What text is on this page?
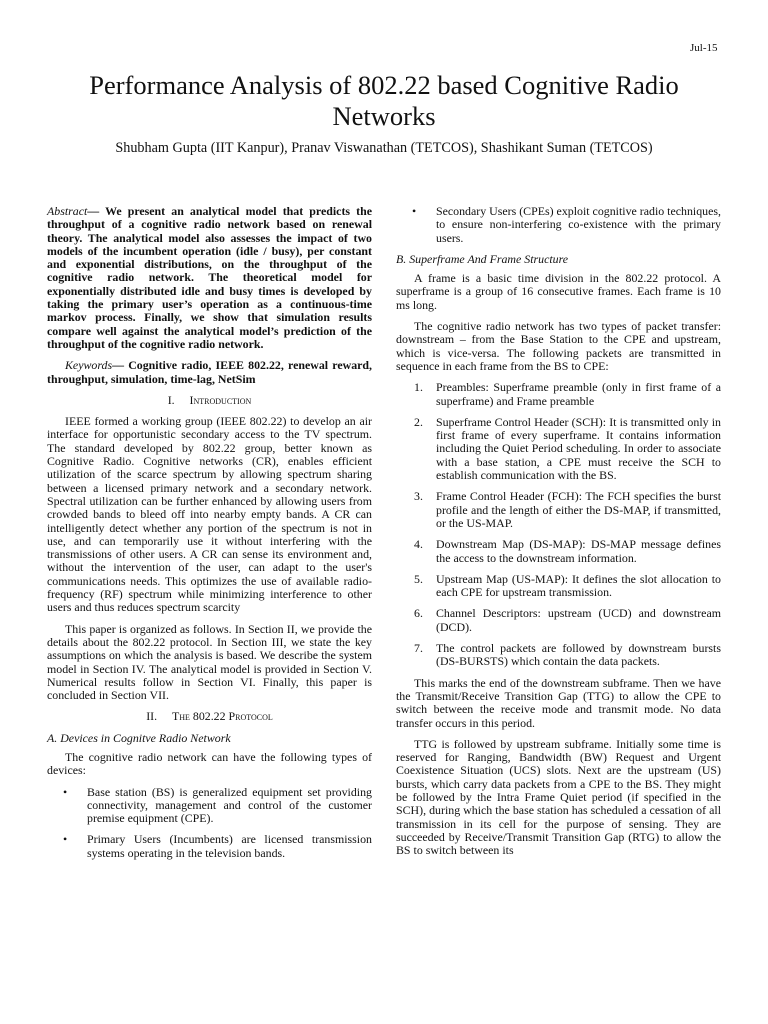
Jul-15
Performance Analysis of 802.22 based Cognitive Radio Networks
Shubham Gupta (IIT Kanpur), Pranav Viswanathan (TETCOS), Shashikant Suman (TETCOS)

Abstract— We present an analytical model that predicts the throughput of a cognitive radio network based on renewal theory. The analytical model also assesses the impact of two models of the incumbent operation (idle / busy), per constant and exponential distributions, on the throughput of the cognitive radio network. The theoretical model for exponentially distributed idle and busy times is developed by taking the primary user’s operation as a continuous-time markov process. Finally, we show that simulation results compare well against the analytical model’s prediction of the throughput of the cognitive radio network.

Keywords— Cognitive radio, IEEE 802.22, renewal reward, throughput, simulation, time-lag, NetSim

I. Introduction

IEEE formed a working group (IEEE 802.22) to develop an air interface for opportunistic secondary access to the TV spectrum. The standard developed by 802.22 group, better known as Cognitive Radio. Cognitive networks (CR), enables efficient utilization of the scarce spectrum by allowing spectrum sharing between a licensed primary network and a secondary network. Spectral utilization can be further enhanced by allowing users from crowded bands to bleed off into nearby empty bands. A CR can intelligently detect whether any portion of the spectrum is not in use, and can temporarily use it without interfering with the transmissions of other users. A CR can sense its environment and, without the intervention of the user, can adapt to the user's communications needs. This optimizes the use of available radio-frequency (RF) spectrum while minimizing interference to other users and thus reduces spectrum scarcity

This paper is organized as follows. In Section II, we provide the details about the 802.22 protocol. In Section III, we state the key assumptions on which the analysis is based. We describe the system model in Section IV. The analytical model is provided in Section V. Numerical results follow in Section VI. Finally, this paper is concluded in Section VII.

II. The 802.22 Protocol
A. Devices in Cognitve Radio Network

The cognitive radio network can have the following types of devices:

• Base station (BS) is generalized equipment set providing connectivity, management and control of the customer premise equipment (CPE).
• Primary Users (Incumbents) are licensed transmission systems operating in the television bands.
• Secondary Users (CPEs) exploit cognitive radio techniques, to ensure non-interfering co-existence with the primary users.
B. Superframe And Frame Structure

A frame is a basic time division in the 802.22 protocol. A superframe is a group of 16 consecutive frames. Each frame is 10 ms long.

The cognitive radio network has two types of packet transfer: downstream – from the Base Station to the CPE and upstream, which is vice-versa. The following packets are transmitted in sequence in each frame from the BS to CPE:

1. Preambles: Superframe preamble (only in first frame of a superframe) and Frame preamble
2. Superframe Control Header (SCH): It is transmitted only in first frame of every superframe. It contains information including the Quiet Period scheduling. In order to associate with a base station, a CPE must receive the SCH to establish communication with the BS.
3. Frame Control Header (FCH): The FCH specifies the burst profile and the length of either the DS-MAP, if transmitted, or the US-MAP.
4. Downstream Map (DS-MAP): DS-MAP message defines the access to the downstream information.
5. Upstream Map (US-MAP): It defines the slot allocation to each CPE for upstream transmission.
6. Channel Descriptors: upstream (UCD) and downstream (DCD).
7. The control packets are followed by downstream bursts (DS-BURSTS) which contain the data packets.

This marks the end of the downstream subframe. Then we have the Transmit/Receive Transition Gap (TTG) to allow the CPE to switch between the receive mode and transmit mode. No data transfer occurs in this period.

TTG is followed by upstream subframe. Initially some time is reserved for Ranging, Bandwidth (BW) Request and Urgent Coexistence Situation (UCS) slots. Next are the upstream (US) bursts, which carry data packets from a CPE to the BS. They might be followed by the Intra Frame Quiet period (if specified in the SCH), during which the base station has scheduled a cessation of all transmission in its cell for the purpose of sensing. They are succeeded by Receive/Transmit Transition Gap (RTG) to allow the BS to switch between its
